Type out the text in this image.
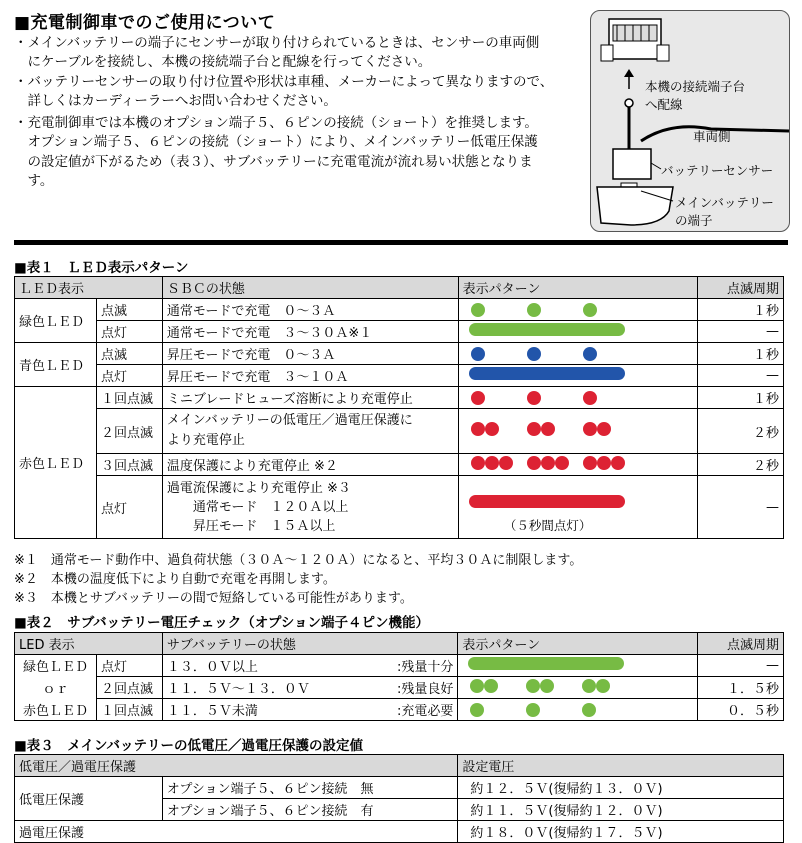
■充電制御車でのご使用について
・メインバッテリーの端子にセンサーが取り付けられているときは、センサーの車両側
　にケーブルを接続し、本機の接続端子台と配線を行ってください。
・バッテリーセンサーの取り付け位置や形状は車種、メーカーによって異なりますので、
　詳しくはカーディーラーへお問い合わせください。
・充電制御車では本機のオプション端子５、６ピンの接続（ショート）を推奨します。
　オプション端子５、６ピンの接続（ショート）により、メインバッテリー低電圧保護
　の設定値が下がるため（表３）、サブバッテリーに充電電流が流れ易い状態となりま
　す。
本機の接続端子台
へ配線
車両側
バッテリーセンサー
メインバッテリー
の端子
■表１　ＬＥＤ表示パターン
ＬＥＤ表示		ＳＢＣの状態	表示パターン	点滅周期
緑色ＬＥＤ	点滅	通常モードで充電　０～３Ａ		１秒
	点灯	通常モードで充電　３～３０Ａ※１		—
青色ＬＥＤ	点滅	昇圧モードで充電　０～３Ａ		１秒
	点灯	昇圧モードで充電　３～１０Ａ		—
赤色ＬＥＤ	１回点滅	ミニブレードヒューズ溶断により充電停止		１秒
	２回点滅	メインバッテリーの低電圧／過電圧保護に
より充電停止		２秒
	３回点滅	温度保護により充電停止 ※２		２秒
	点灯	過電流保護により充電停止 ※３
　　通常モード　１２０Ａ以上
　　昇圧モード　１５Ａ以上	（５秒間点灯）	—
※１　通常モード動作中、過負荷状態（３０Ａ～１２０Ａ）になると、平均３０Ａに制限します。
※２　本機の温度低下により自動で充電を再開します。
※３　本機とサブバッテリーの間で短絡している可能性があります。
■表２　サブバッテリー電圧チェック（オプション端子４ピン機能）
LED 表示		サブバッテリーの状態	表示パターン	点滅周期
緑色ＬＥＤ	点灯	１３．０Ｖ以上 :残量十分		—
ｏｒ	２回点滅	１１．５Ｖ～１３．０Ｖ :残量良好		１．５秒
赤色ＬＥＤ	１回点滅	１１．５Ｖ未満 :充電必要		０．５秒
■表３　メインバッテリーの低電圧／過電圧保護の設定値
低電圧／過電圧保護		設定電圧
低電圧保護	オプション端子５、６ピン接続　無	約１２．５Ｖ(復帰約１３．０Ｖ)
	オプション端子５、６ピン接続　有	約１１．５Ｖ(復帰約１２．０Ｖ)
過電圧保護		約１８．０Ｖ(復帰約１７．５Ｖ)
